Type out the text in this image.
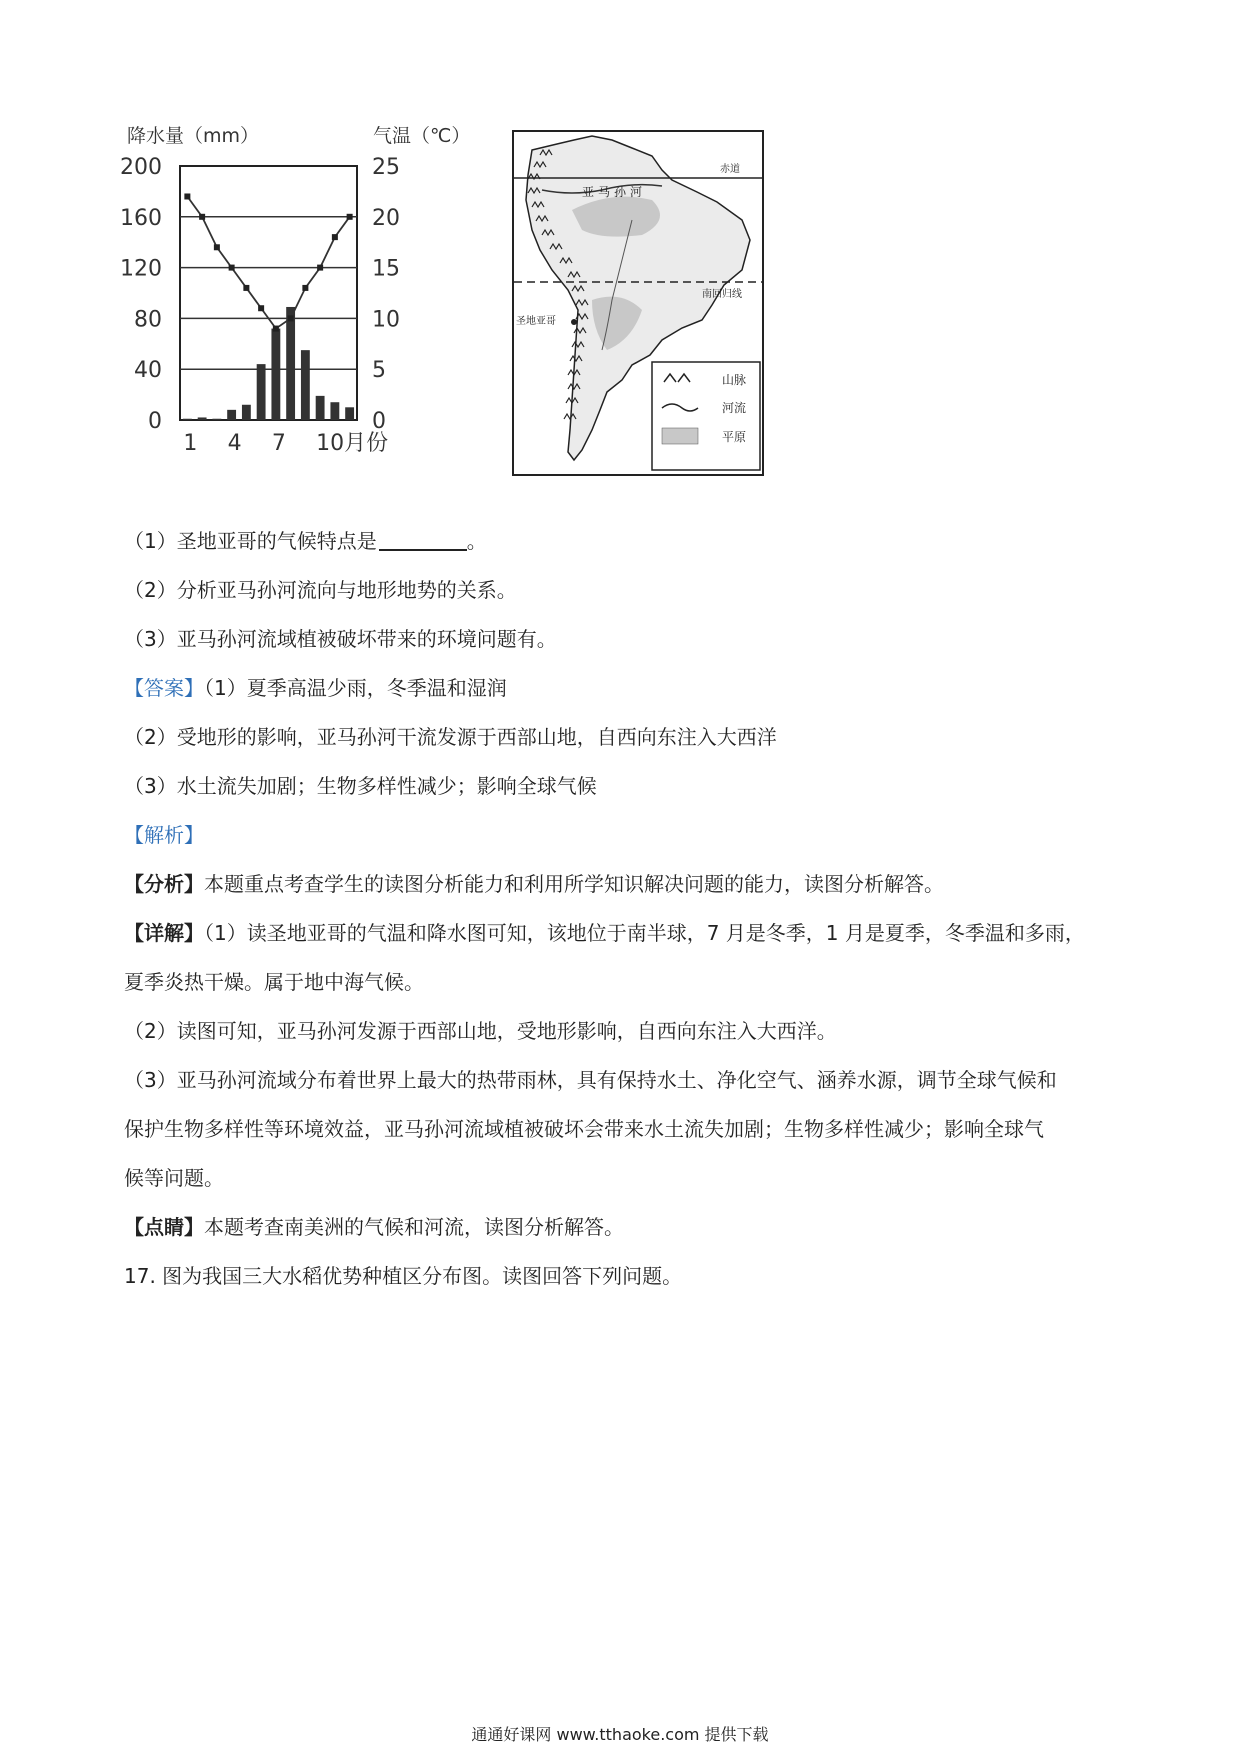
降水量（mm）	气温（℃）
0
40
80
120
160
200
0
5
10
15
20
25
1 4 7 10月份
赤道
南回归线
亚马孙河
圣地亚哥
山脉
河流
平原
（1）圣地亚哥的气候特点是	。
（2）分析亚马孙河流向与地形地势的关系。
（3）亚马孙河流域植被破坏带来的环境问题有。
【答案】（1）夏季高温少雨，冬季温和湿润
（2）受地形的影响，亚马孙河干流发源于西部山地，自西向东注入大西洋
（3）水土流失加剧；生物多样性减少；影响全球气候
【解析】
【分析】本题重点考查学生的读图分析能力和利用所学知识解决问题的能力，读图分析解答。
【详解】（1）读圣地亚哥的气温和降水图可知，该地位于南半球，7 月是冬季，1 月是夏季，冬季温和多雨，
夏季炎热干燥。属于地中海气候。
（2）读图可知，亚马孙河发源于西部山地，受地形影响，自西向东注入大西洋。
（3）亚马孙河流域分布着世界上最大的热带雨林，具有保持水土、净化空气、涵养水源，调节全球气候和
保护生物多样性等环境效益，亚马孙河流域植被破坏会带来水土流失加剧；生物多样性减少；影响全球气
候等问题。
【点睛】本题考查南美洲的气候和河流，读图分析解答。
17. 图为我国三大水稻优势种植区分布图。读图回答下列问题。
通通好课网 www.tthaoke.com 提供下载
